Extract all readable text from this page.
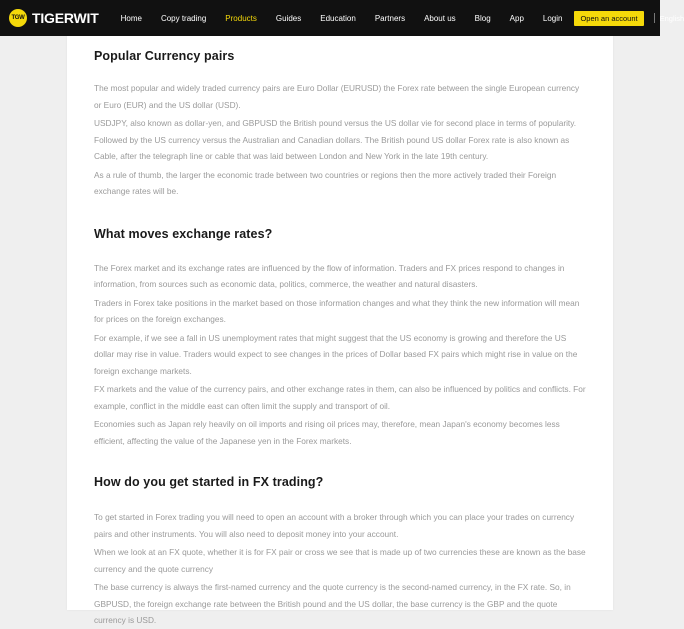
TGW TIGERWIT	Home Copy trading Products Guides Education Partners About us Blog App Login	Open an account	English
Popular Currency pairs

The most popular and widely traded currency pairs are Euro Dollar (EURUSD) the Forex rate between the single European currency or Euro (EUR) and the US dollar (USD).

USDJPY, also known as dollar-yen, and GBPUSD the British pound versus the US dollar vie for second place in terms of popularity. Followed by the US currency versus the Australian and Canadian dollars. The British pound US dollar Forex rate is also known as Cable, after the telegraph line or cable that was laid between London and New York in the late 19th century.

As a rule of thumb, the larger the economic trade between two countries or regions then the more actively traded their Foreign exchange rates will be.

What moves exchange rates?

The Forex market and its exchange rates are influenced by the flow of information. Traders and FX prices respond to changes in information, from sources such as economic data, politics, commerce, the weather and natural disasters.

Traders in Forex take positions in the market based on those information changes and what they think the new information will mean for prices on the foreign exchanges.

For example, if we see a fall in US unemployment rates that might suggest that the US economy is growing and therefore the US dollar may rise in value. Traders would expect to see changes in the prices of Dollar based FX pairs which might rise in value on the foreign exchange markets.

FX markets and the value of the currency pairs, and other exchange rates in them, can also be influenced by politics and conflicts. For example, conflict in the middle east can often limit the supply and transport of oil.

Economies such as Japan rely heavily on oil imports and rising oil prices may, therefore, mean Japan's economy becomes less efficient, affecting the value of the Japanese yen in the Forex markets.

How do you get started in FX trading?

To get started in Forex trading you will need to open an account with a broker through which you can place your trades on currency pairs and other instruments. You will also need to deposit money into your account.

When we look at an FX quote, whether it is for FX pair or cross we see that is made up of two currencies these are known as the base currency and the quote currency

The base currency is always the first-named currency and the quote currency is the second-named currency, in the FX rate. So, in GBPUSD, the foreign exchange rate between the British pound and the US dollar, the base currency is the GBP and the quote currency is USD.
